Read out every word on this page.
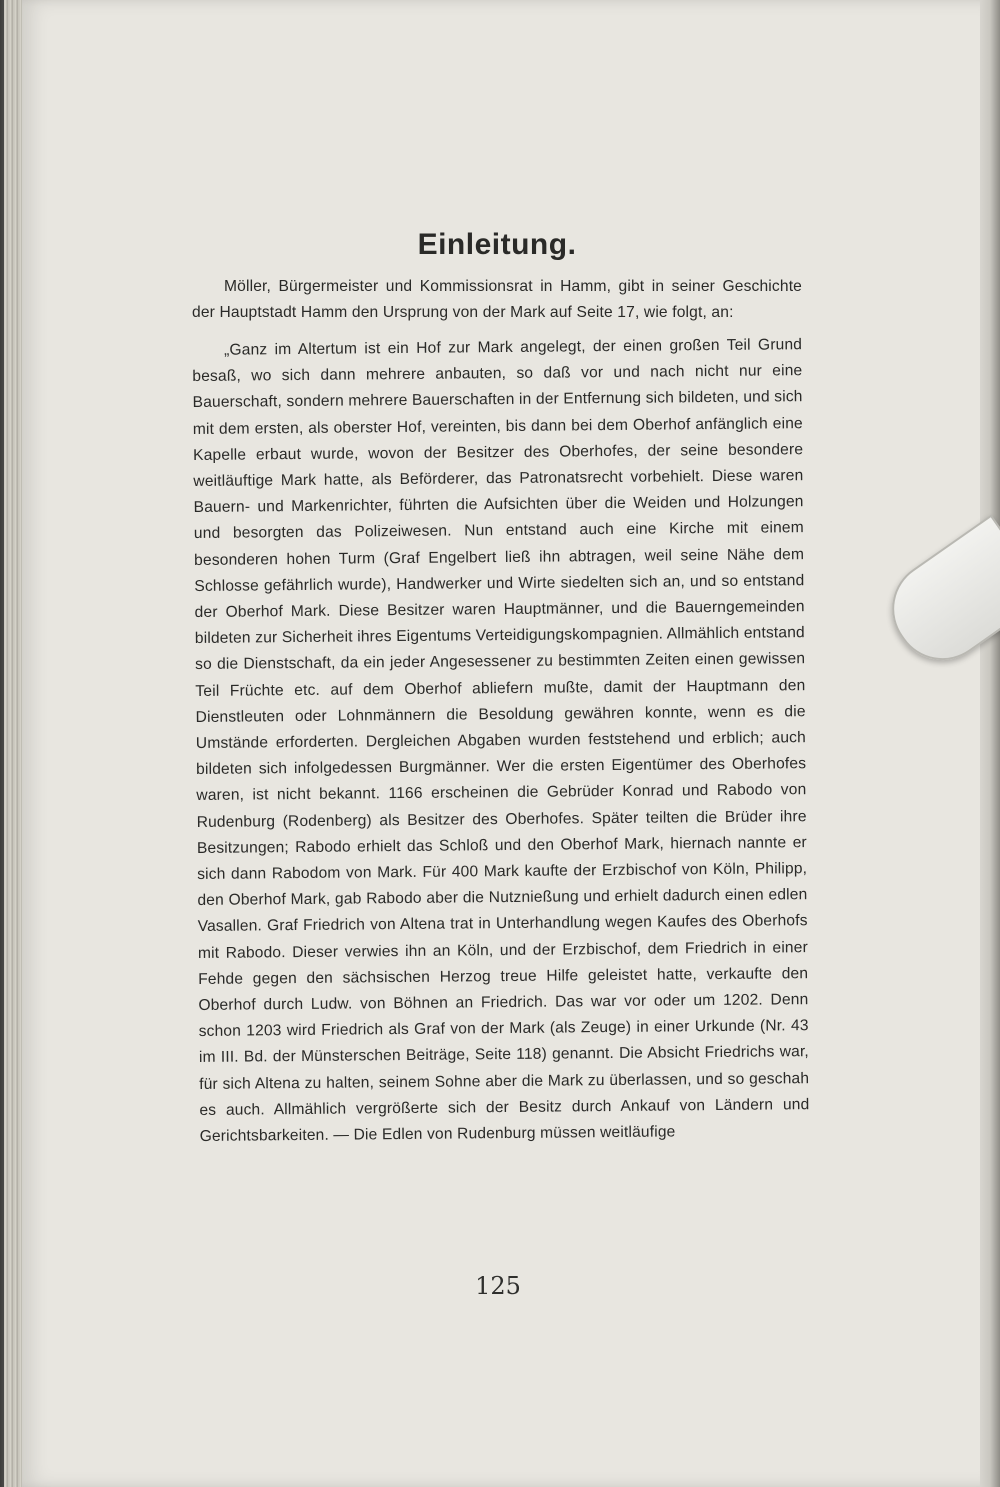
Einleitung.

Möller, Bürgermeister und Kommissionsrat in Hamm, gibt in seiner Geschichte der Hauptstadt Hamm den Ursprung von der Mark auf Seite 17, wie folgt, an:

„Ganz im Altertum ist ein Hof zur Mark angelegt, der einen großen Teil Grund besaß, wo sich dann mehrere anbauten, so daß vor und nach nicht nur eine Bauerschaft, sondern mehrere Bauerschaften in der Entfernung sich bildeten, und sich mit dem ersten, als oberster Hof, vereinten, bis dann bei dem Oberhof anfänglich eine Kapelle erbaut wurde, wovon der Besitzer des Oberhofes, der seine besondere weitläuftige Mark hatte, als Beförderer, das Patronatsrecht vorbehielt. Diese waren Bauern- und Markenrichter, führten die Aufsichten über die Weiden und Holzungen und besorgten das Polizeiwesen. Nun entstand auch eine Kirche mit einem besonderen hohen Turm (Graf Engelbert ließ ihn abtragen, weil seine Nähe dem Schlosse gefährlich wurde), Handwerker und Wirte siedelten sich an, und so entstand der Oberhof Mark. Diese Besitzer waren Hauptmänner, und die Bauerngemeinden bildeten zur Sicherheit ihres Eigentums Verteidigungskompagnien. Allmählich entstand so die Dienstschaft, da ein jeder Angesessener zu bestimmten Zeiten einen gewissen Teil Früchte etc. auf dem Oberhof abliefern mußte, damit der Hauptmann den Dienstleuten oder Lohnmännern die Besoldung gewähren konnte, wenn es die Umstände erforderten. Dergleichen Abgaben wurden feststehend und erblich; auch bildeten sich infolgedessen Burgmänner. Wer die ersten Eigentümer des Oberhofes waren, ist nicht bekannt. 1166 erscheinen die Gebrüder Konrad und Rabodo von Rudenburg (Rodenberg) als Besitzer des Oberhofes. Später teilten die Brüder ihre Besitzungen; Rabodo erhielt das Schloß und den Oberhof Mark, hiernach nannte er sich dann Rabodom von Mark. Für 400 Mark kaufte der Erzbischof von Köln, Philipp, den Oberhof Mark, gab Rabodo aber die Nutznießung und erhielt dadurch einen edlen Vasallen. Graf Friedrich von Altena trat in Unterhandlung wegen Kaufes des Oberhofs mit Rabodo. Dieser verwies ihn an Köln, und der Erzbischof, dem Friedrich in einer Fehde gegen den sächsischen Herzog treue Hilfe geleistet hatte, verkaufte den Oberhof durch Ludw. von Böhnen an Friedrich. Das war vor oder um 1202. Denn schon 1203 wird Friedrich als Graf von der Mark (als Zeuge) in einer Urkunde (Nr. 43 im III. Bd. der Münsterschen Beiträge, Seite 118) genannt. Die Absicht Friedrichs war, für sich Altena zu halten, seinem Sohne aber die Mark zu überlassen, und so geschah es auch. Allmählich vergrößerte sich der Besitz durch Ankauf von Ländern und Gerichtsbarkeiten. — Die Edlen von Rudenburg müssen weitläufige

125
